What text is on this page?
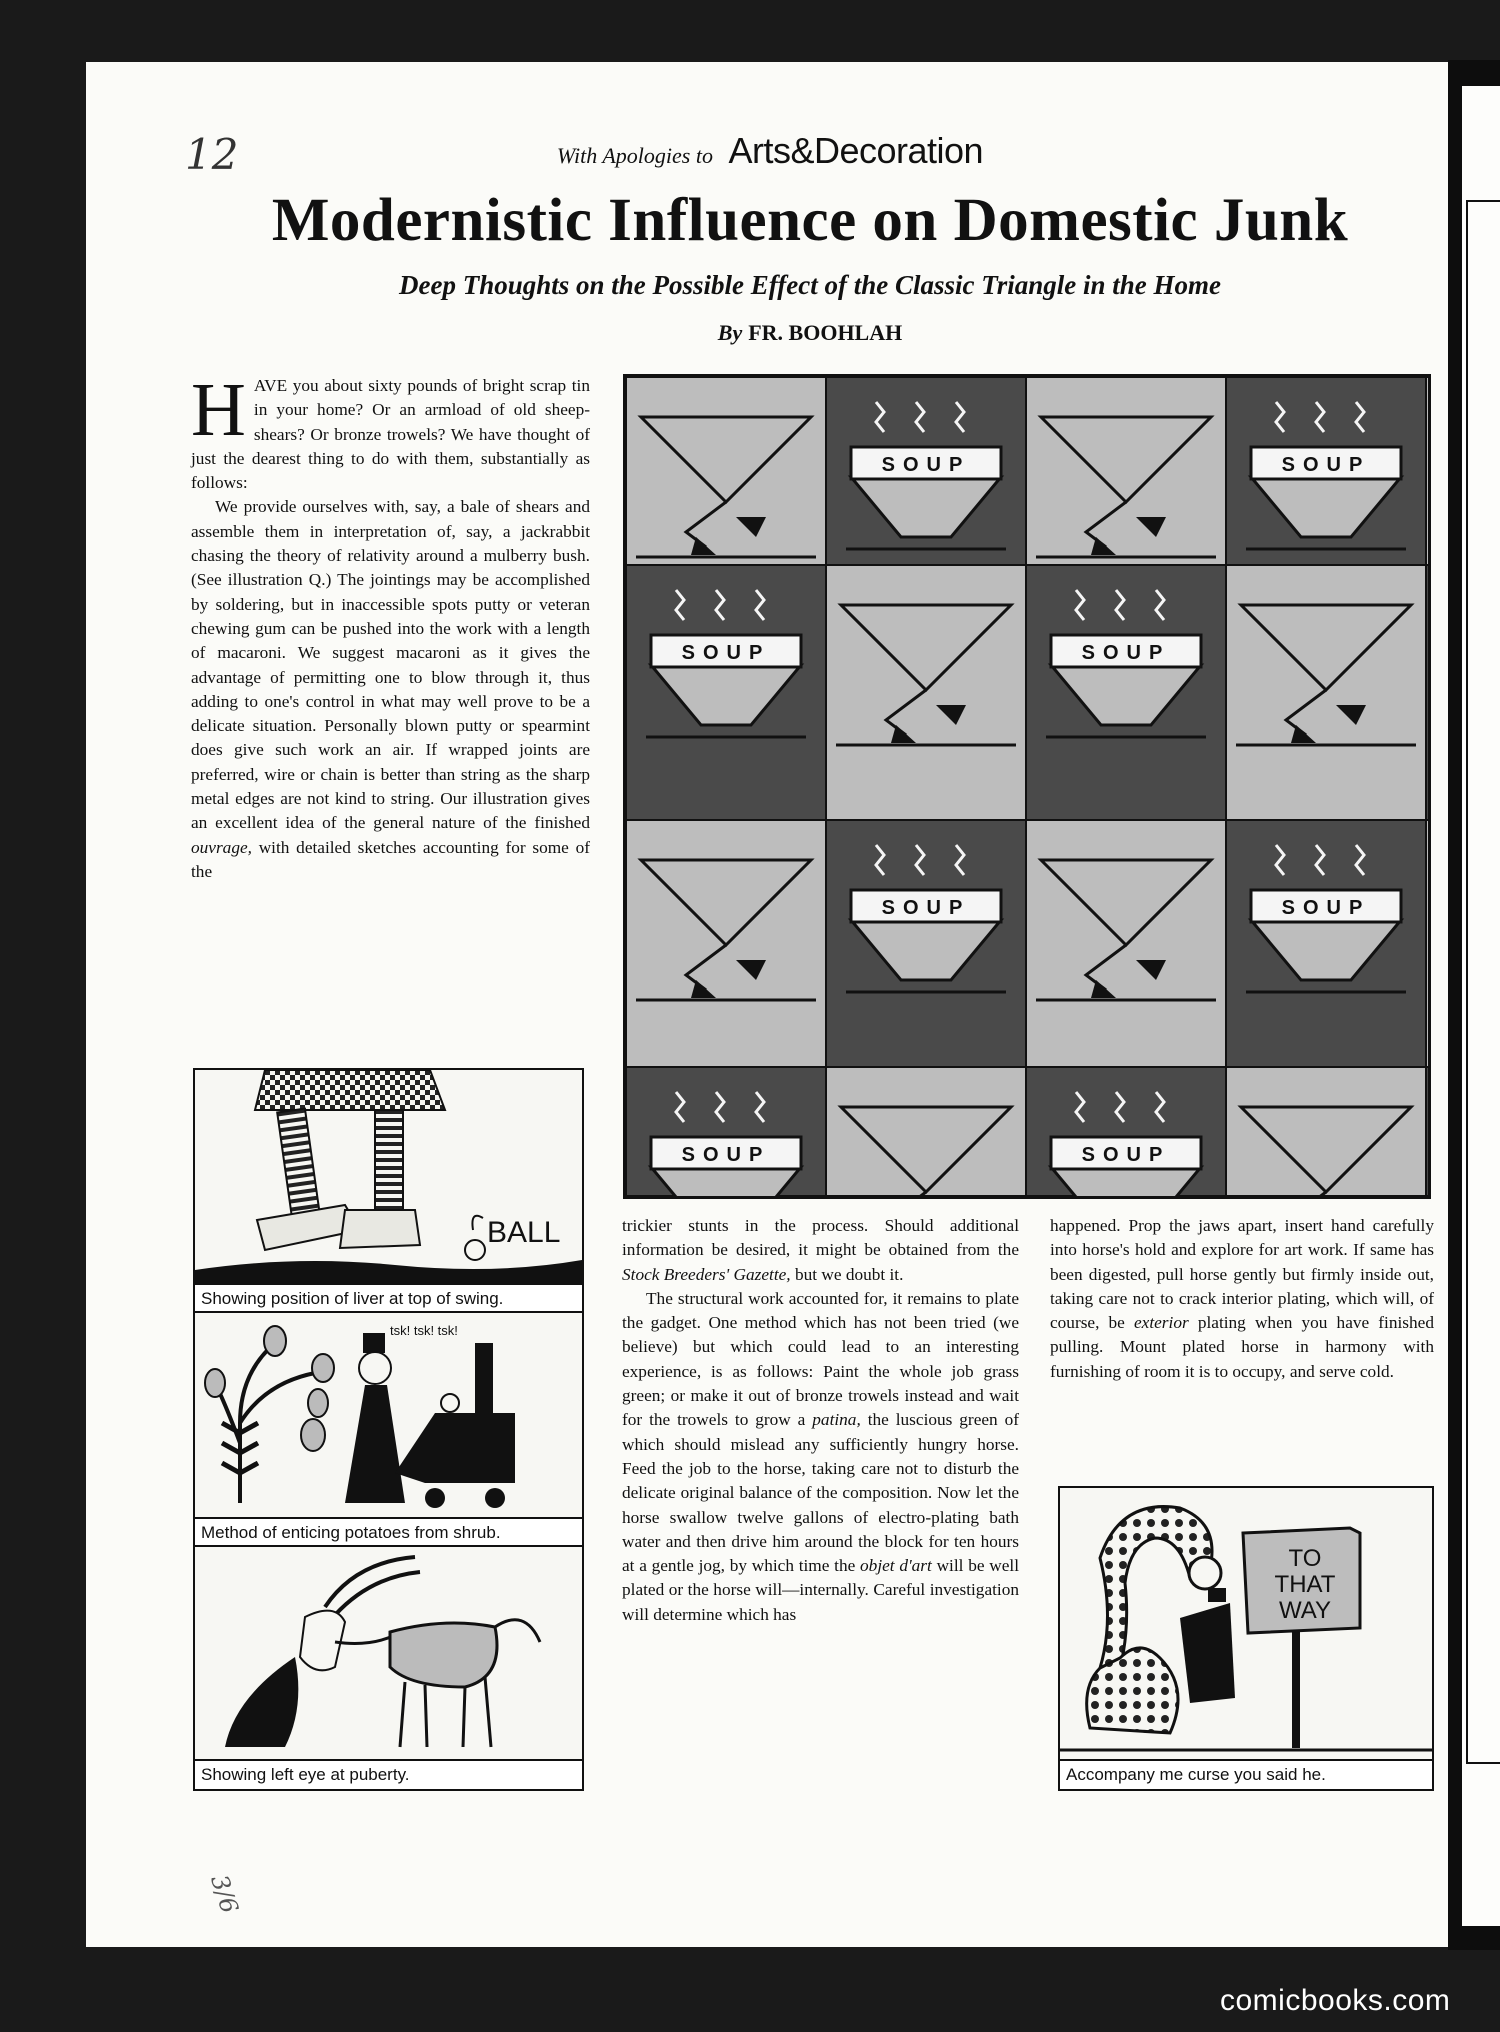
12
3/6
With Apologies to Arts&Decoration
Modernistic Influence on Domestic Junk
Deep Thoughts on the Possible Effect of the Classic Triangle in the Home
By FR. BOOHLAH

HAVE you about sixty pounds of bright scrap tin in your home? Or an armload of old sheep-shears? Or bronze trowels? We have thought of just the dearest thing to do with them, substantially as follows:

We provide ourselves with, say, a bale of shears and assemble them in interpretation of, say, a jackrabbit chasing the theory of relativity around a mulberry bush. (See illustration Q.) The jointings may be accomplished by soldering, but in inaccessible spots putty or veteran chewing gum can be pushed into the work with a length of macaroni. We suggest macaroni as it gives the advantage of permitting one to blow through it, thus adding to one's control in what may well prove to be a delicate situation. Personally blown putty or spearmint does give such work an air. If wrapped joints are preferred, wire or chain is better than string as the sharp metal edges are not kind to string. Our illustration gives an excellent idea of the general nature of the finished ouvrage, with detailed sketches accounting for some of the

SOUP	SOUP
SOUP	SOUP
SOUP	SOUP
SOUP	SOUP

trickier stunts in the process. Should additional information be desired, it might be obtained from the Stock Breeders' Gazette, but we doubt it.

The structural work accounted for, it remains to plate the gadget. One method which has not been tried (we believe) but which could lead to an interesting experience, is as follows: Paint the whole job grass green; or make it out of bronze trowels instead and wait for the trowels to grow a patina, the luscious green of which should mislead any sufficiently hungry horse. Feed the job to the horse, taking care not to disturb the delicate original balance of the composition. Now let the horse swallow twelve gallons of electro-plating bath water and then drive him around the block for ten hours at a gentle jog, by which time the objet d'art will be well plated or the horse will—internally. Careful investigation will determine which has

happened. Prop the jaws apart, insert hand carefully into horse's hold and explore for art work. If same has been digested, pull horse gently but firmly inside out, taking care not to crack interior plating, which will, of course, be exterior plating when you have finished pulling. Mount plated horse in harmony with furnishing of room it is to occupy, and serve cold.

BALL
Showing position of liver at top of swing.
tsk! tsk! tsk!
Method of enticing potatoes from shrub.
Showing left eye at puberty.
TO
THAT
WAY
Accompany me curse you said he.
comicbooks.com
